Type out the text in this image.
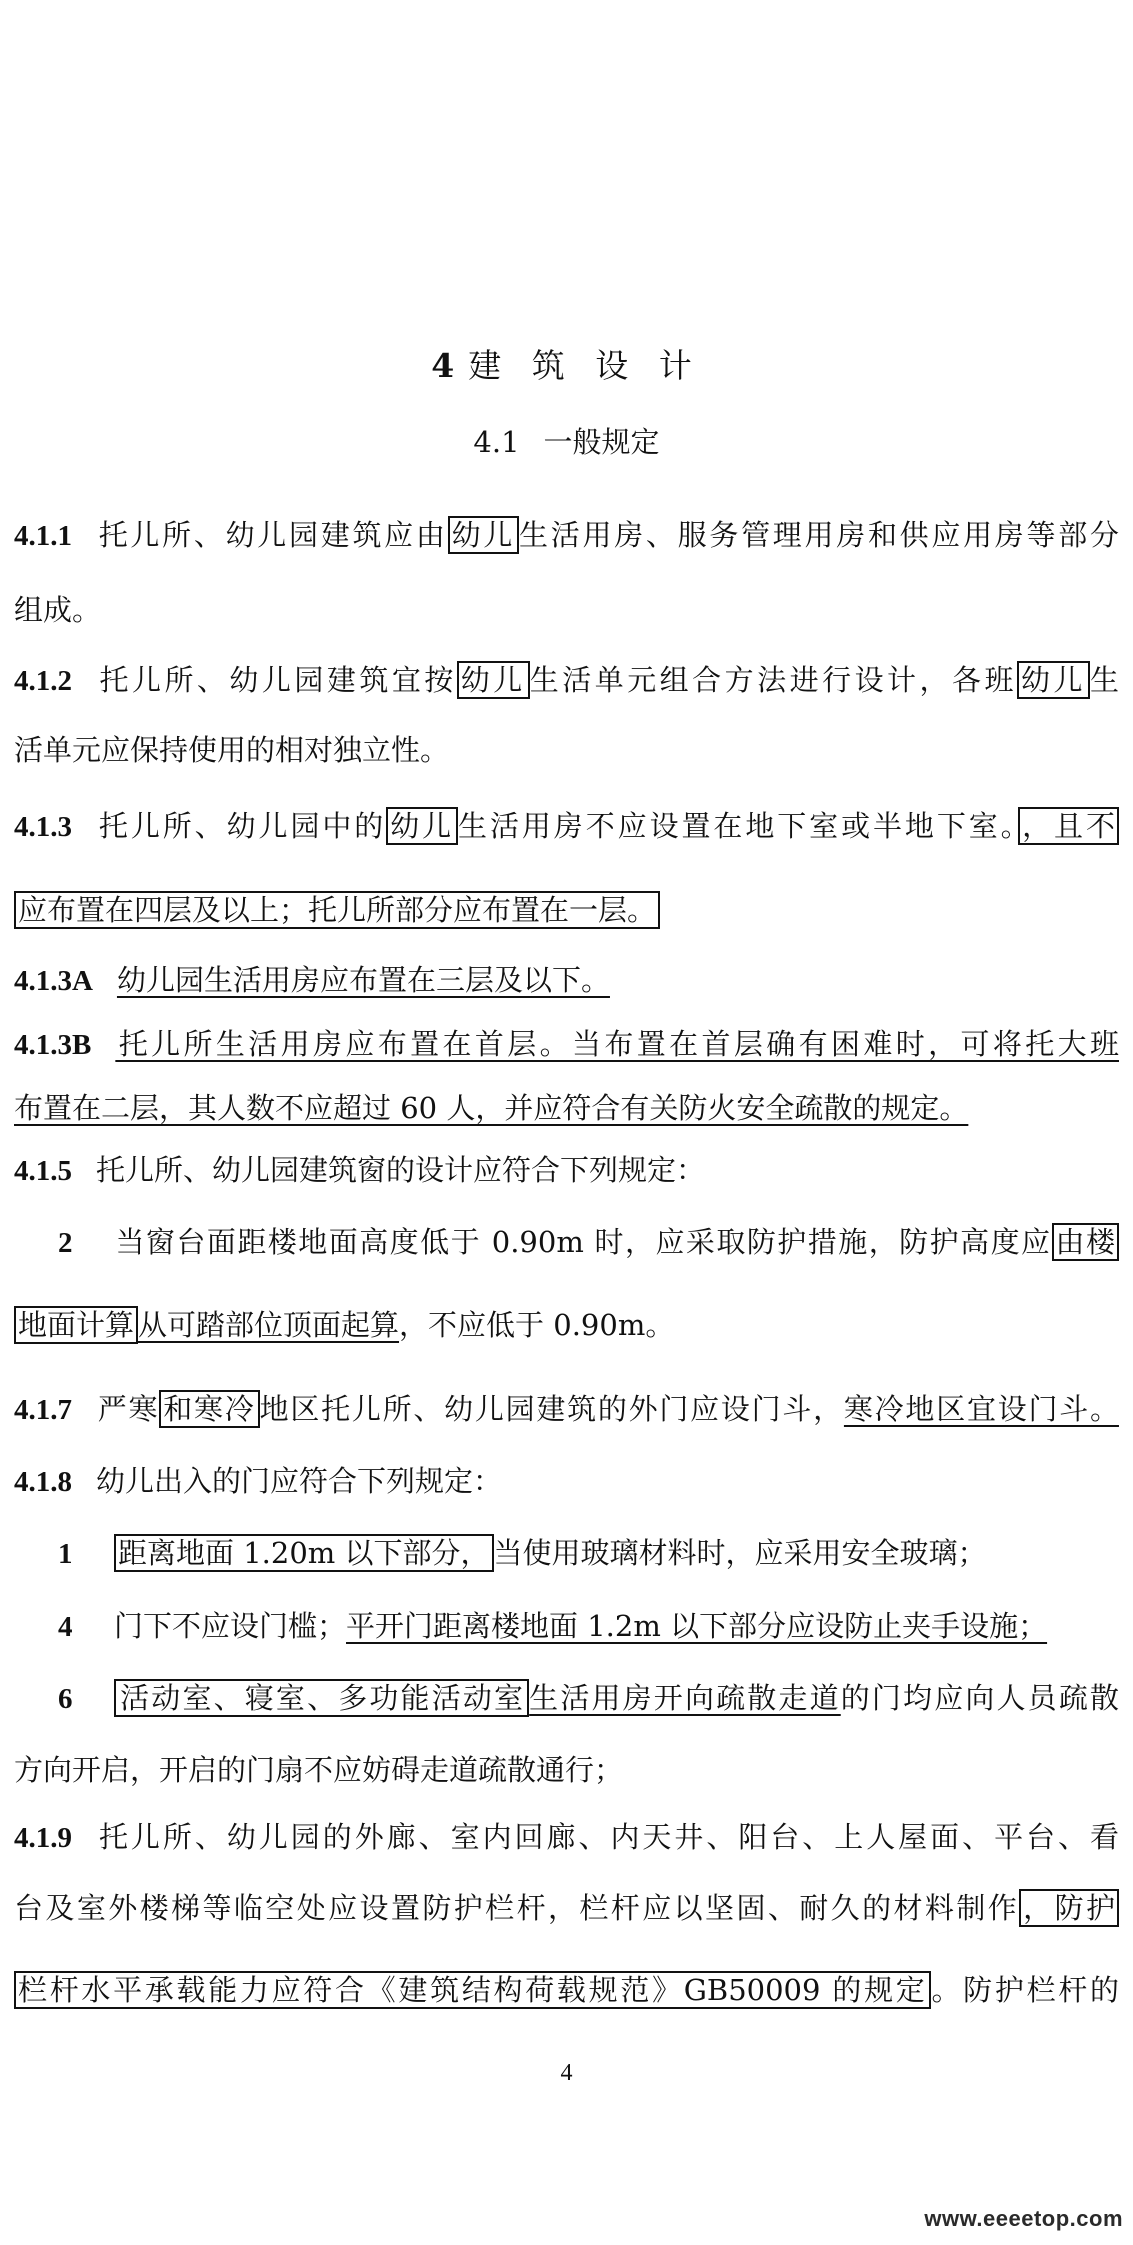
4 建 筑 设 计
4.1 一般规定
4.1.1 托儿所、幼儿园建筑应由 幼儿 生活用房、服务管理用房和供应用房等部分
组成。
4.1.2 托儿所、幼儿园建筑宜按 幼儿 生活单元组合方法进行设计，各班 幼儿 生
活单元应保持使用的相对独立性。
4.1.3 托儿所、幼儿园中的 幼儿 生活用房不应设置在地下室或半地下室。 ，且不
应布置在四层及以上；托儿所部分应布置在一层。
4.1.3A 幼儿园生活用房应布置在三层及以下。
4.1.3B 托儿所生活用房应布置在首层。当布置在首层确有困难时，可将托大班
布置在二层，其人数不应超过 60 人，并应符合有关防火安全疏散的规定。
4.1.5 托儿所、幼儿园建筑窗的设计应符合下列规定：
2 当窗台面距楼地面高度低于 0.90m 时，应采取防护措施，防护高度应 由楼
地面计算 从可踏部位顶面起算，不应低于 0.90m。
4.1.7 严寒 和寒冷 地区托儿所、幼儿园建筑的外门应设门斗，寒冷地区宜设门斗。
4.1.8 幼儿出入的门应符合下列规定：
1 距离地面 1.20m 以下部分， 当使用玻璃材料时，应采用安全玻璃；
4 门下不应设门槛；平开门距离楼地面 1.2m 以下部分应设防止夹手设施；
6 活动室、寝室、多功能活动室 生活用房开向疏散走道的门均应向人员疏散
方向开启，开启的门扇不应妨碍走道疏散通行；
4.1.9 托儿所、幼儿园的外廊、室内回廊、内天井、阳台、上人屋面、平台、看
台及室外楼梯等临空处应设置防护栏杆，栏杆应以坚固、耐久的材料制作 ，防护
栏杆水平承载能力应符合《建筑结构荷载规范》GB50009 的规定 。防护栏杆的
4
www.eeeetop.com
